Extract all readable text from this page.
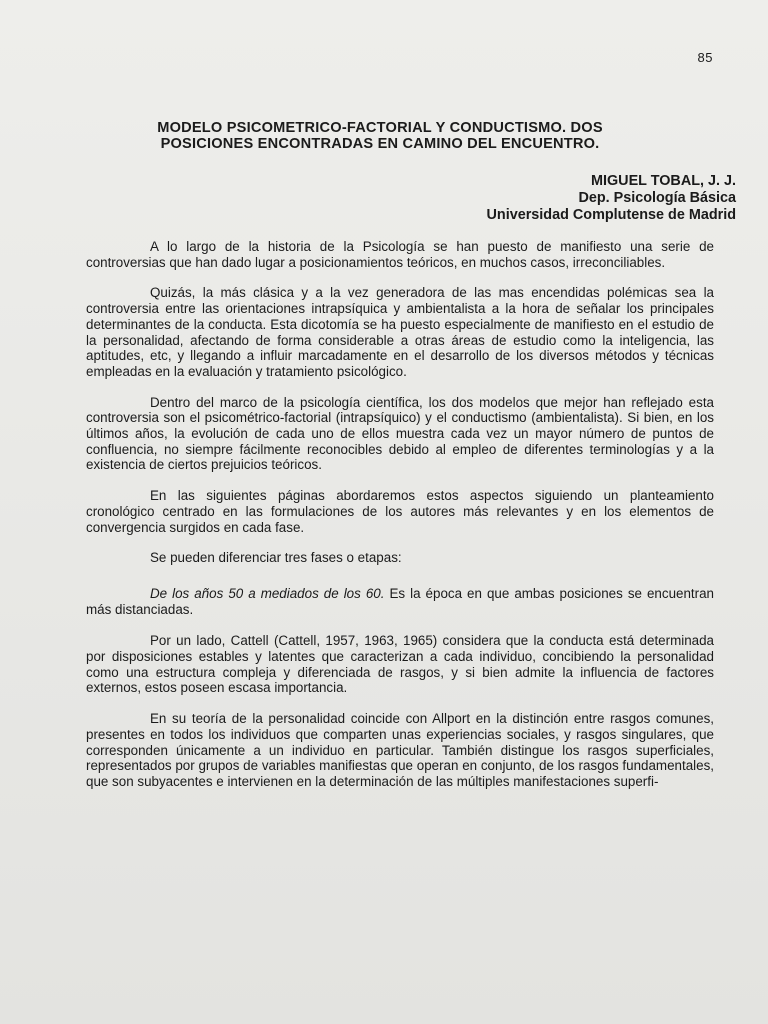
85
MODELO PSICOMETRICO-FACTORIAL Y CONDUCTISMO. DOS
POSICIONES ENCONTRADAS EN CAMINO DEL ENCUENTRO.
MIGUEL TOBAL, J. J.
Dep. Psicología Básica
Universidad Complutense de Madrid

A lo largo de la historia de la Psicología se han puesto de manifiesto una serie de controversias que han dado lugar a posicionamientos teóricos, en muchos casos, irreconciliables.

Quizás, la más clásica y a la vez generadora de las mas encendidas polémicas sea la controversia entre las orientaciones intrapsíquica y ambientalista a la hora de señalar los principales determinantes de la conducta. Esta dicotomía se ha puesto especialmente de manifiesto en el estudio de la personalidad, afectando de forma considerable a otras áreas de estudio como la inteligencia, las aptitudes, etc, y llegando a influir marcadamente en el desarrollo de los diversos métodos y técnicas empleadas en la evaluación y tratamiento psicológico.

Dentro del marco de la psicología científica, los dos modelos que mejor han reflejado esta controversia son el psicométrico-factorial (intrapsíquico) y el conductismo (ambientalista). Si bien, en los últimos años, la evolución de cada uno de ellos muestra cada vez un mayor número de puntos de confluencia, no siempre fácilmente reconocibles debido al empleo de diferentes terminologías y a la existencia de ciertos prejuicios teóricos.

En las siguientes páginas abordaremos estos aspectos siguiendo un planteamiento cronológico centrado en las formulaciones de los autores más relevantes y en los elementos de convergencia surgidos en cada fase.

Se pueden diferenciar tres fases o etapas:

De los años 50 a mediados de los 60. Es la época en que ambas posiciones se encuentran más distanciadas.

Por un lado, Cattell (Cattell, 1957, 1963, 1965) considera que la conducta está determinada por disposiciones estables y latentes que caracterizan a cada individuo, concibiendo la personalidad como una estructura compleja y diferenciada de rasgos, y si bien admite la influencia de factores externos, estos poseen escasa importancia.

En su teoría de la personalidad coincide con Allport en la distinción entre rasgos comunes, presentes en todos los individuos que comparten unas experiencias sociales, y rasgos singulares, que corresponden únicamente a un individuo en particular. También distingue los rasgos superficiales, representados por grupos de variables manifiestas que operan en conjunto, de los rasgos fundamentales, que son subyacentes e intervienen en la determinación de las múltiples manifestaciones superfi-
